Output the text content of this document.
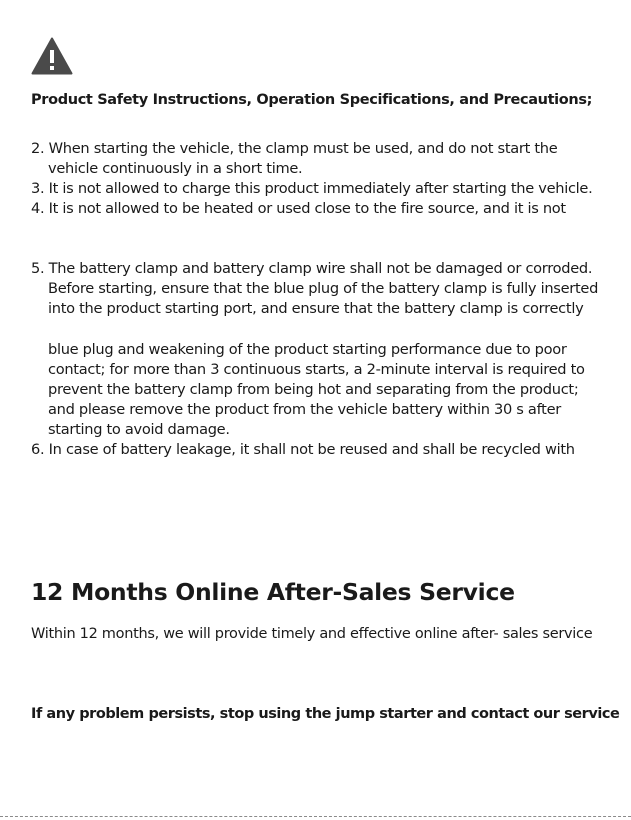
Product Safety Instructions, Operation Specifications, and Precautions;
2. When starting the vehicle, the clamp must be used, and do not start the
vehicle continuously in a short time.
3. It is not allowed to charge this product immediately after starting the vehicle.
4. It is not allowed to be heated or used close to the fire source, and it is not
5. The battery clamp and battery clamp wire shall not be damaged or corroded.
Before starting, ensure that the blue plug of the battery clamp is fully inserted
into the product starting port, and ensure that the battery clamp is correctly
blue plug and weakening of the product starting performance due to poor
contact; for more than 3 continuous starts, a 2-minute interval is required to
prevent the battery clamp from being hot and separating from the product;
and please remove the product from the vehicle battery within 30 s after
starting to avoid damage.
6. In case of battery leakage, it shall not be reused and shall be recycled with
12 Months Online After-Sales Service
Within 12 months, we will provide timely and effective online after- sales service
If any problem persists, stop using the jump starter and contact our service
